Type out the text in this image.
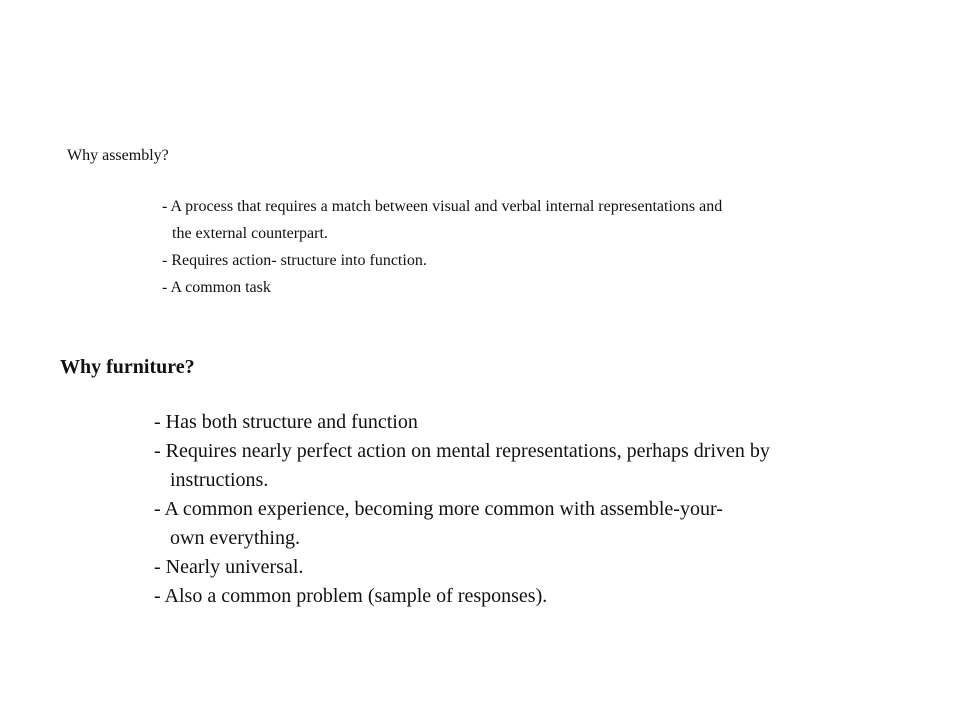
Why assembly?
- A process that requires a match between visual and verbal internal representations and
the external counterpart.
- Requires action- structure into function.
- A common task
Why furniture?
- Has both structure and function
- Requires nearly perfect action on mental representations, perhaps driven by
instructions.
- A common experience, becoming more common with assemble-your-
own everything.
- Nearly universal.
- Also a common problem (sample of responses).
